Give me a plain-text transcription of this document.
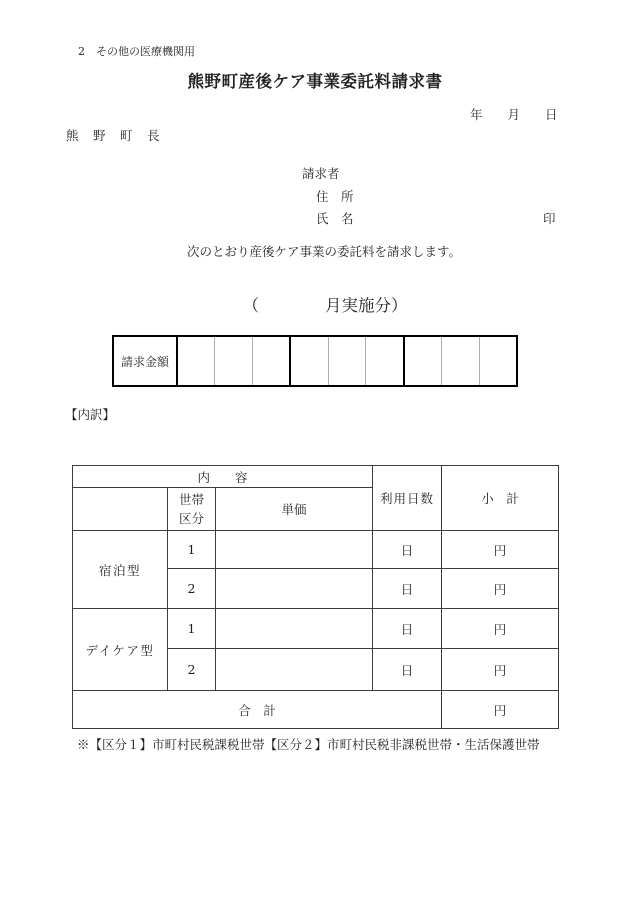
2　その他の医療機関用
熊野町産後ケア事業委託料請求書
年　　月　　日
熊　野　町　長
請求者
住　所
氏　名	印
次のとおり産後ケア事業の委託料を請求します。
（　　　　月実施分）
請求金額
【内訳】
内　　容			利用日数	小　計
	世帯
区分	単価		
宿泊型	1		日	円
	2		日	円
デイケア型	1		日	円
	2		日	円
合　計				円
※【区分１】市町村民税課税世帯【区分２】市町村民税非課税世帯・生活保護世帯
